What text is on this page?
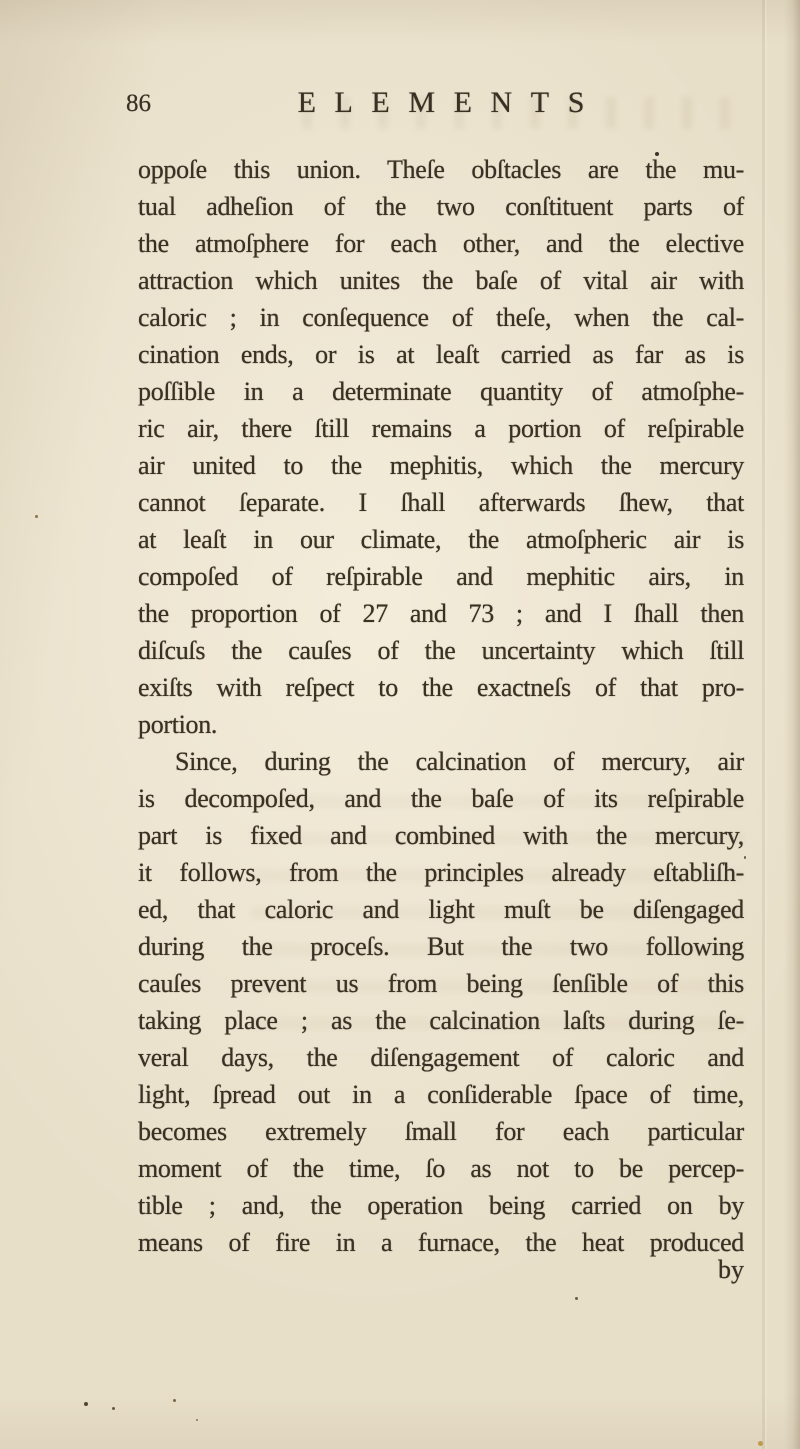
86	ELEMENTS
oppoſe this union. Theſe obſtacles are the mu-
tual adheſion of the two conſtituent parts of
the atmoſphere for each other, and the elective
attraction which unites the baſe of vital air with
caloric ; in conſequence of theſe, when the cal-
cination ends, or is at leaſt carried as far as is
poſſible in a determinate quantity of atmoſphe-
ric air, there ſtill remains a portion of reſpirable
air united to the mephitis, which the mercury
cannot ſeparate. I ſhall afterwards ſhew, that
at leaſt in our climate, the atmoſpheric air is
compoſed of reſpirable and mephitic airs, in
the proportion of 27 and 73 ; and I ſhall then
diſcuſs the cauſes of the uncertainty which ſtill
exiſts with reſpect to the exactneſs of that pro-
portion.
Since, during the calcination of mercury, air
is decompoſed, and the baſe of its reſpirable
part is fixed and combined with the mercury,
it follows, from the principles already eſtabliſh-
ed, that caloric and light muſt be diſengaged
during the proceſs. But the two following
cauſes prevent us from being ſenſible of this
taking place ; as the calcination laſts during ſe-
veral days, the diſengagement of caloric and
light, ſpread out in a conſiderable ſpace of time,
becomes extremely ſmall for each particular
moment of the time, ſo as not to be percep-
tible ; and, the operation being carried on by
means of fire in a furnace, the heat produced
by
